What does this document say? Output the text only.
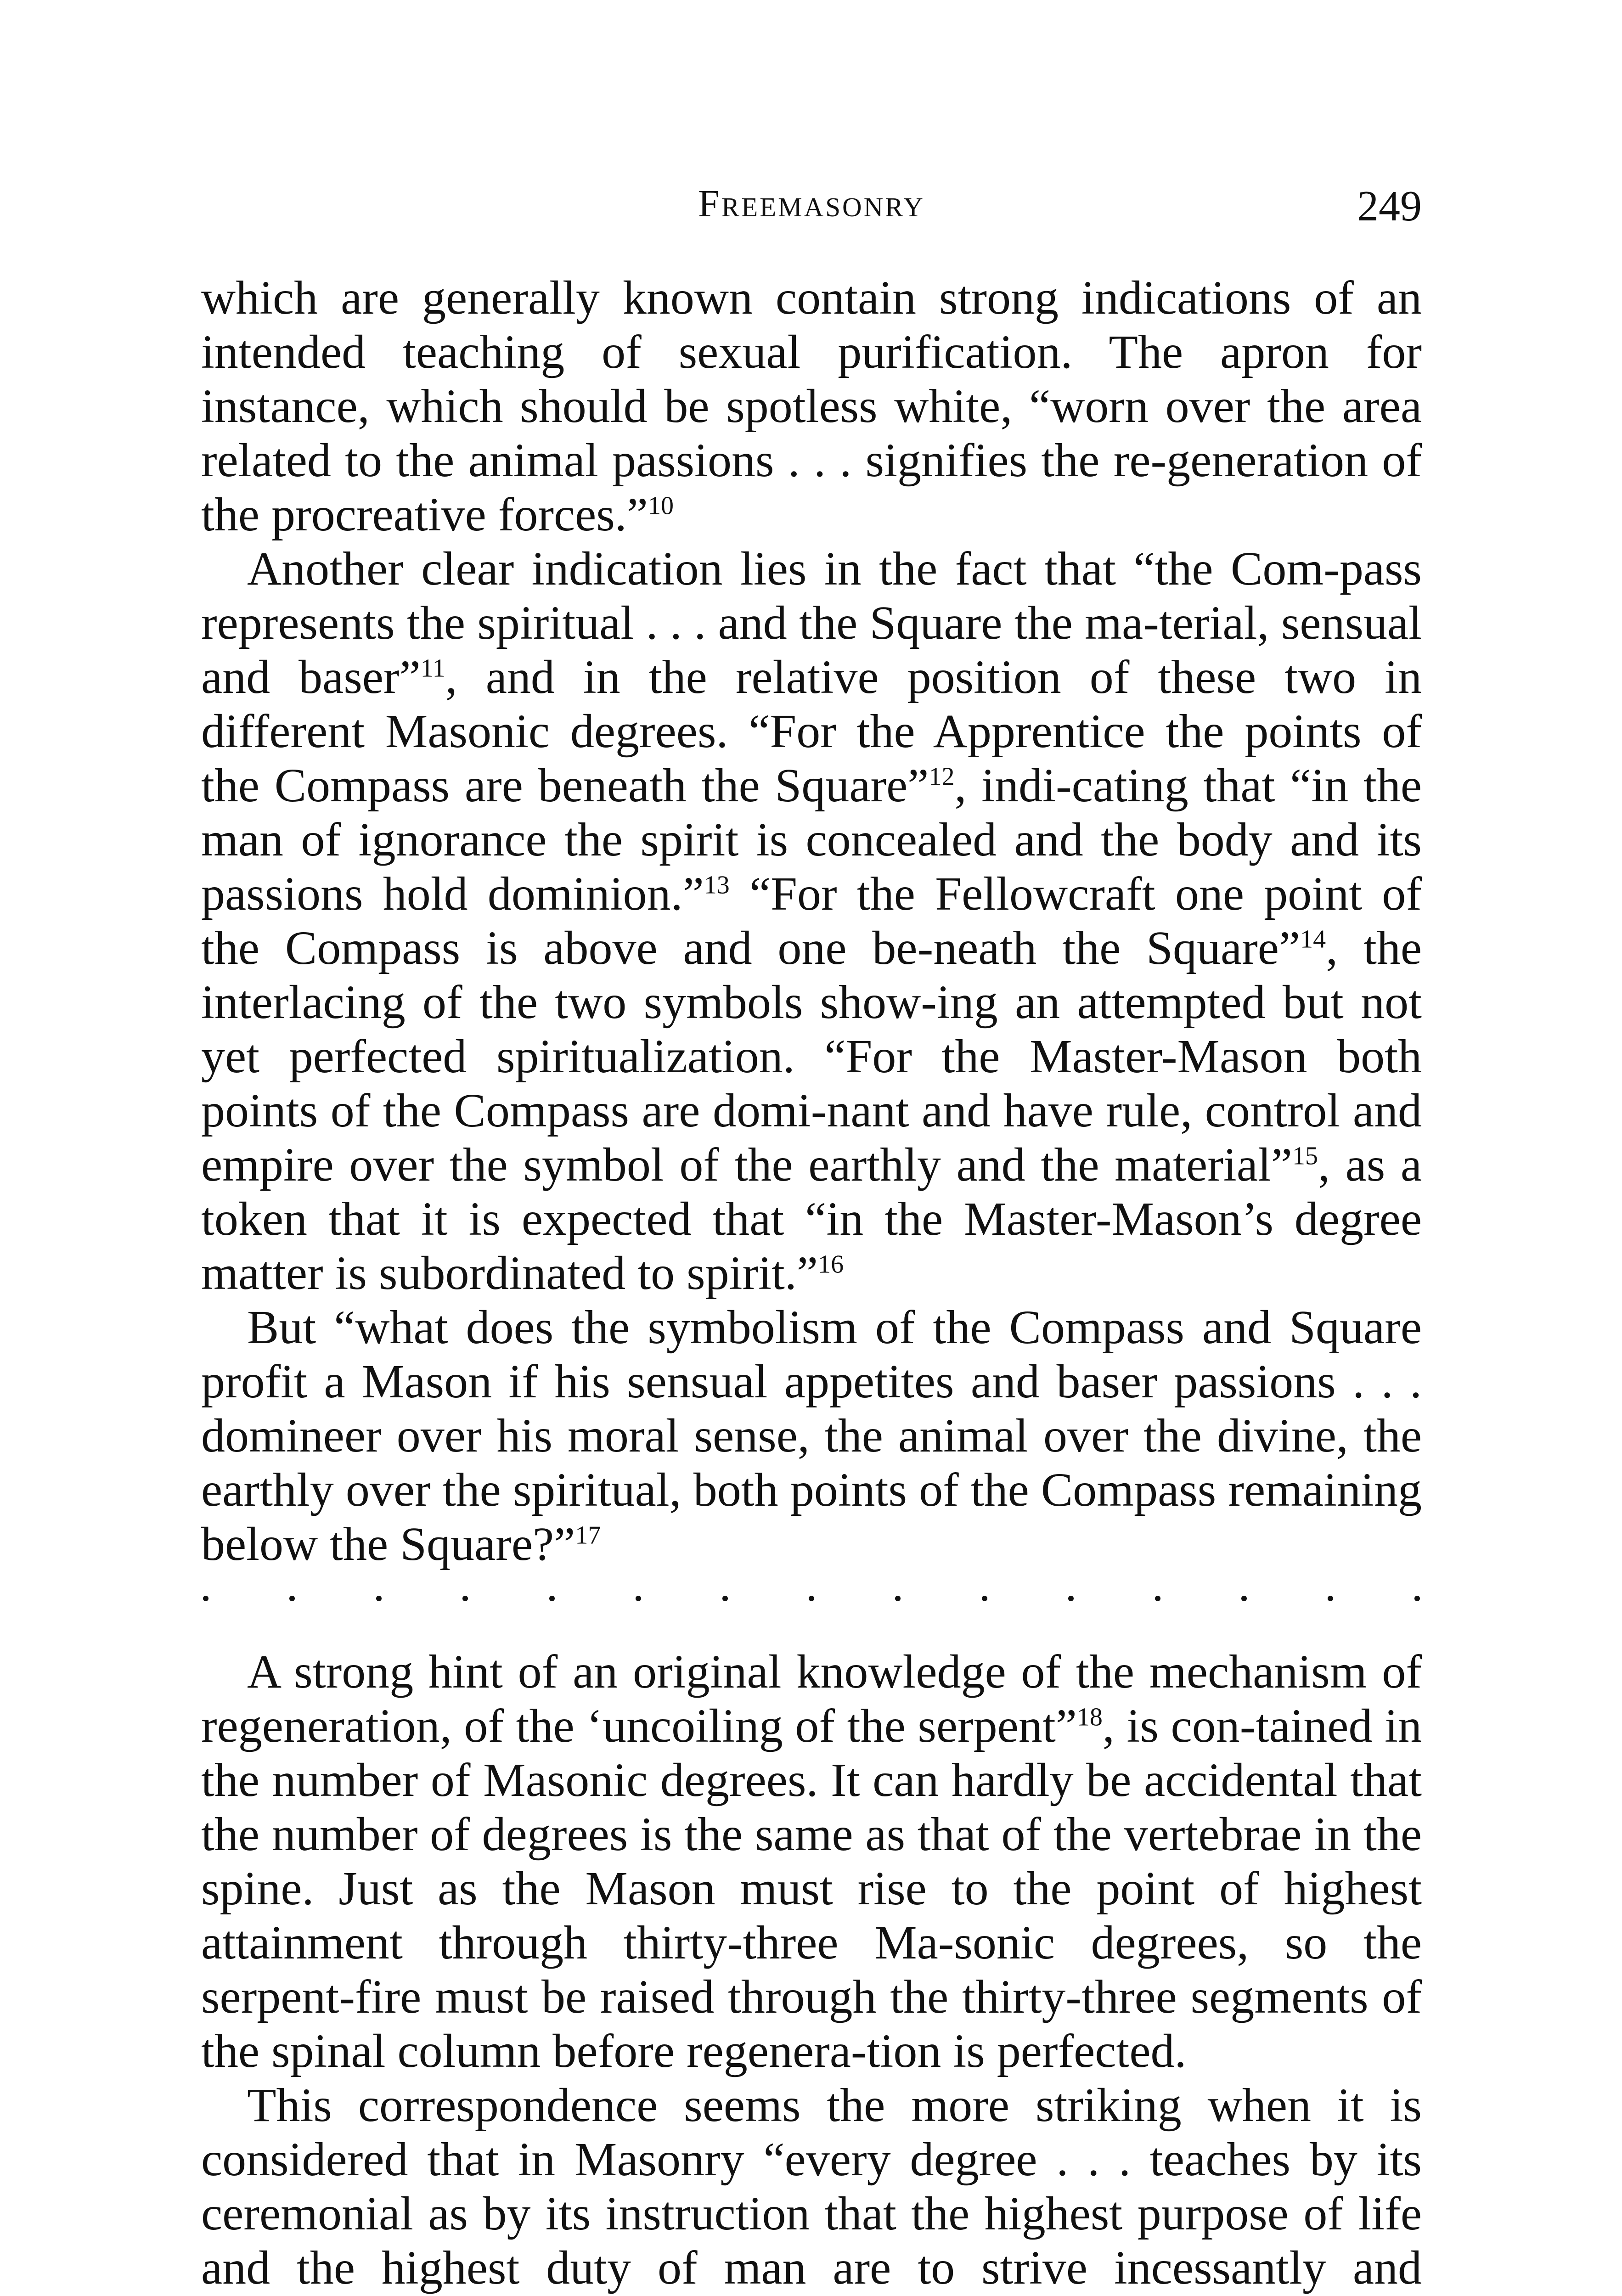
Freemasonry	249

which are generally known contain strong indications of an intended teaching of sexual purification. The apron for instance, which should be spotless white, “worn over the area related to the animal passions . . . signifies the re-generation of the procreative forces.”$^{10}$

Another clear indication lies in the fact that “the Com-pass represents the spiritual . . . and the Square the ma-terial, sensual and baser”$^{11}$, and in the relative position of these two in different Masonic degrees. “For the Apprentice the points of the Compass are beneath the Square”$^{12}$, indi-cating that “in the man of ignorance the spirit is concealed and the body and its passions hold dominion.”$^{13}$ “For the Fellowcraft one point of the Compass is above and one be-neath the Square”$^{14}$, the interlacing of the two symbols show-ing an attempted but not yet perfected spiritualization. “For the Master-Mason both points of the Compass are domi-nant and have rule, control and empire over the symbol of the earthly and the material”$^{15}$, as a token that it is expected that “in the Master-Mason’s degree matter is subordinated to spirit.”$^{16}$

But “what does the symbolism of the Compass and Square profit a Mason if his sensual appetites and baser passions . . . domineer over his moral sense, the animal over the divine, the earthly over the spiritual, both points of the Compass remaining below the Square?”$^{17}$

A strong hint of an original knowledge of the mechanism of regeneration, of the ‘uncoiling of the serpent”$^{18}$, is con-tained in the number of Masonic degrees. It can hardly be accidental that the number of degrees is the same as that of the vertebrae in the spine. Just as the Mason must rise to the point of highest attainment through thirty-three Ma-sonic degrees, so the serpent-fire must be raised through the thirty-three segments of the spinal column before regenera-tion is perfected.

This correspondence seems the more striking when it is considered that in Masonry “every degree . . . teaches by its ceremonial as by its instruction that the highest purpose of life and the highest duty of man are to strive incessantly and
